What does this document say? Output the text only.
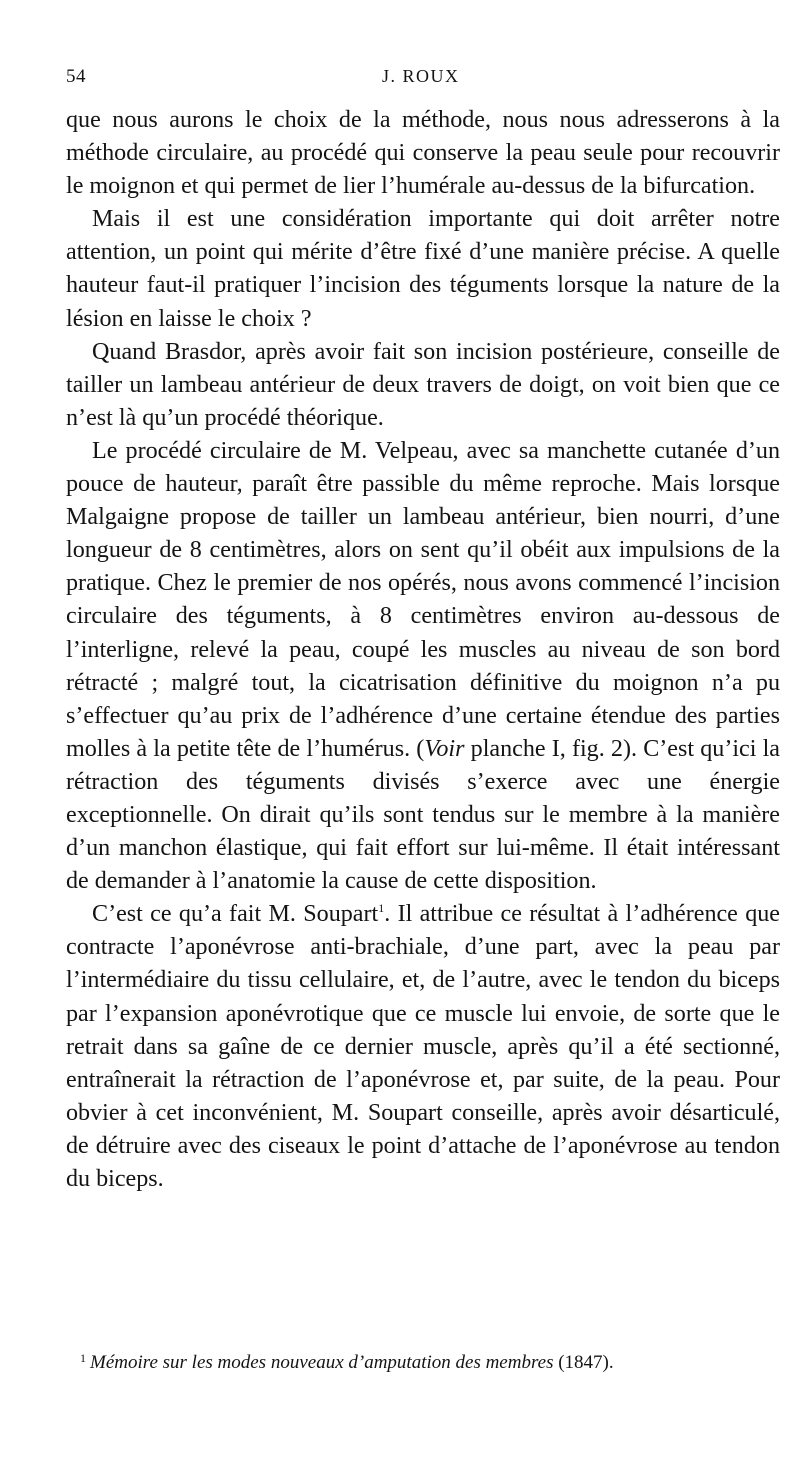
54	J. ROUX

que nous aurons le choix de la méthode, nous nous adresserons à la méthode circulaire, au procédé qui conserve la peau seule pour recouvrir le moignon et qui permet de lier l’humérale au-dessus de la bifurcation.

Mais il est une considération importante qui doit arrêter notre attention, un point qui mérite d’être fixé d’une manière précise. A quelle hauteur faut-il pratiquer l’incision des téguments lorsque la nature de la lésion en laisse le choix ?

Quand Brasdor, après avoir fait son incision postérieure, conseille de tailler un lambeau antérieur de deux travers de doigt, on voit bien que ce n’est là qu’un procédé théorique.

Le procédé circulaire de M. Velpeau, avec sa manchette cutanée d’un pouce de hauteur, paraît être passible du même reproche. Mais lorsque Malgaigne propose de tailler un lambeau antérieur, bien nourri, d’une longueur de 8 centimètres, alors on sent qu’il obéit aux impulsions de la pratique. Chez le premier de nos opérés, nous avons commencé l’incision circulaire des téguments, à 8 centimètres environ au-dessous de l’interligne, relevé la peau, coupé les muscles au niveau de son bord rétracté ; malgré tout, la cicatrisation définitive du moignon n’a pu s’effectuer qu’au prix de l’adhérence d’une certaine étendue des parties molles à la petite tête de l’humérus. (Voir planche I, fig. 2). C’est qu’ici la rétraction des téguments divisés s’exerce avec une énergie exceptionnelle. On dirait qu’ils sont tendus sur le membre à la manière d’un manchon élastique, qui fait effort sur lui-même. Il était intéressant de demander à l’anatomie la cause de cette disposition.

C’est ce qu’a fait M. Soupart$^1$. Il attribue ce résultat à l’adhérence que contracte l’aponévrose anti-brachiale, d’une part, avec la peau par l’intermédiaire du tissu cellulaire, et, de l’autre, avec le tendon du biceps par l’expansion aponévrotique que ce muscle lui envoie, de sorte que le retrait dans sa gaîne de ce dernier muscle, après qu’il a été sectionné, entraînerait la rétraction de l’aponévrose et, par suite, de la peau. Pour obvier à cet inconvénient, M. Soupart conseille, après avoir désarticulé, de détruire avec des ciseaux le point d’attache de l’aponévrose au tendon du biceps.

$^1$ Mémoire sur les modes nouveaux d’amputation des membres (1847).
